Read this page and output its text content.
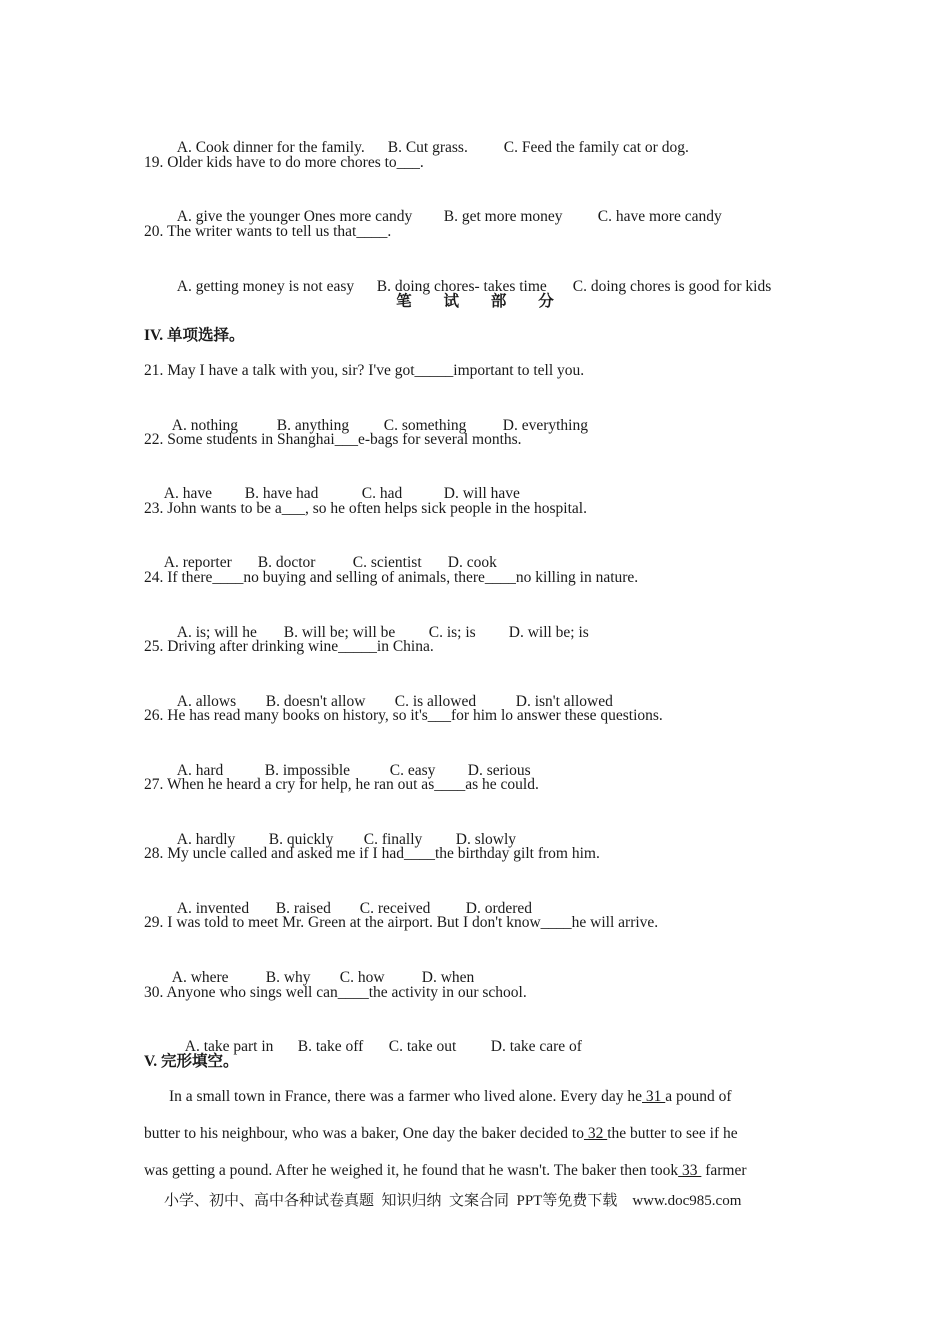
A. Cook dinner for the family. B. Cut grass. C. Feed the family cat or dog.

19. Older kids have to do more chores to___.

A. give the younger Ones more candy B. get more money C. have more candy

20. The writer wants to tell us that____.

A. getting money is not easy B. doing chores- takes time C. doing chores is good for kids

笔 试 部 分
IV. 单项选择。
21. May I have a talk with you, sir? I've got_____important to tell you.

A. nothing B. anything C. something D. everything

22. Some students in Shanghai___e-bags for several months.

A. have B. have had	C. had	D. will have

23. John wants to be a___, so he often helps sick people in the hospital.

A. reporter B. doctor C. scientist D. cook

24. If there____no buying and selling of animals, there____no killing in nature.

A. is; will he B. will be; will be C. is; is D. will be; is

25. Driving after drinking wine_____in China.

A. allows B. doesn't allow C. is allowed	D. isn't allowed

26. He has read many books on history, so it's___for him lo answer these questions.

A. hard	B. impossible	C. easy D. serious

27. When he heard a cry for help, he ran out as____as he could.

A. hardly B. quickly C. finally D. slowly

28. My uncle called and asked me if I had____the birthday gilt from him.

A. invented B. raised C. received D. ordered

29. I was told to meet Mr. Green at the airport. But I don't know____he will arrive.

A. where B. why C. how D. when

30. Anyone who sings well can____the activity in our school.

A. take part in B. take off C. take out D. take care of

V. 完形填空。
In a small town in France, there was a farmer who lived alone. Every day he 31 a pound of
butter to his neighbour, who was a baker, One day the baker decided to 32 the butter to see if he
was getting a pound. After he weighed it, he found that he wasn't. The baker then took 33  farmer
小学、初中、高中各种试卷真题  知识归纳  文案合同  PPT等免费下载    www.doc985.com
